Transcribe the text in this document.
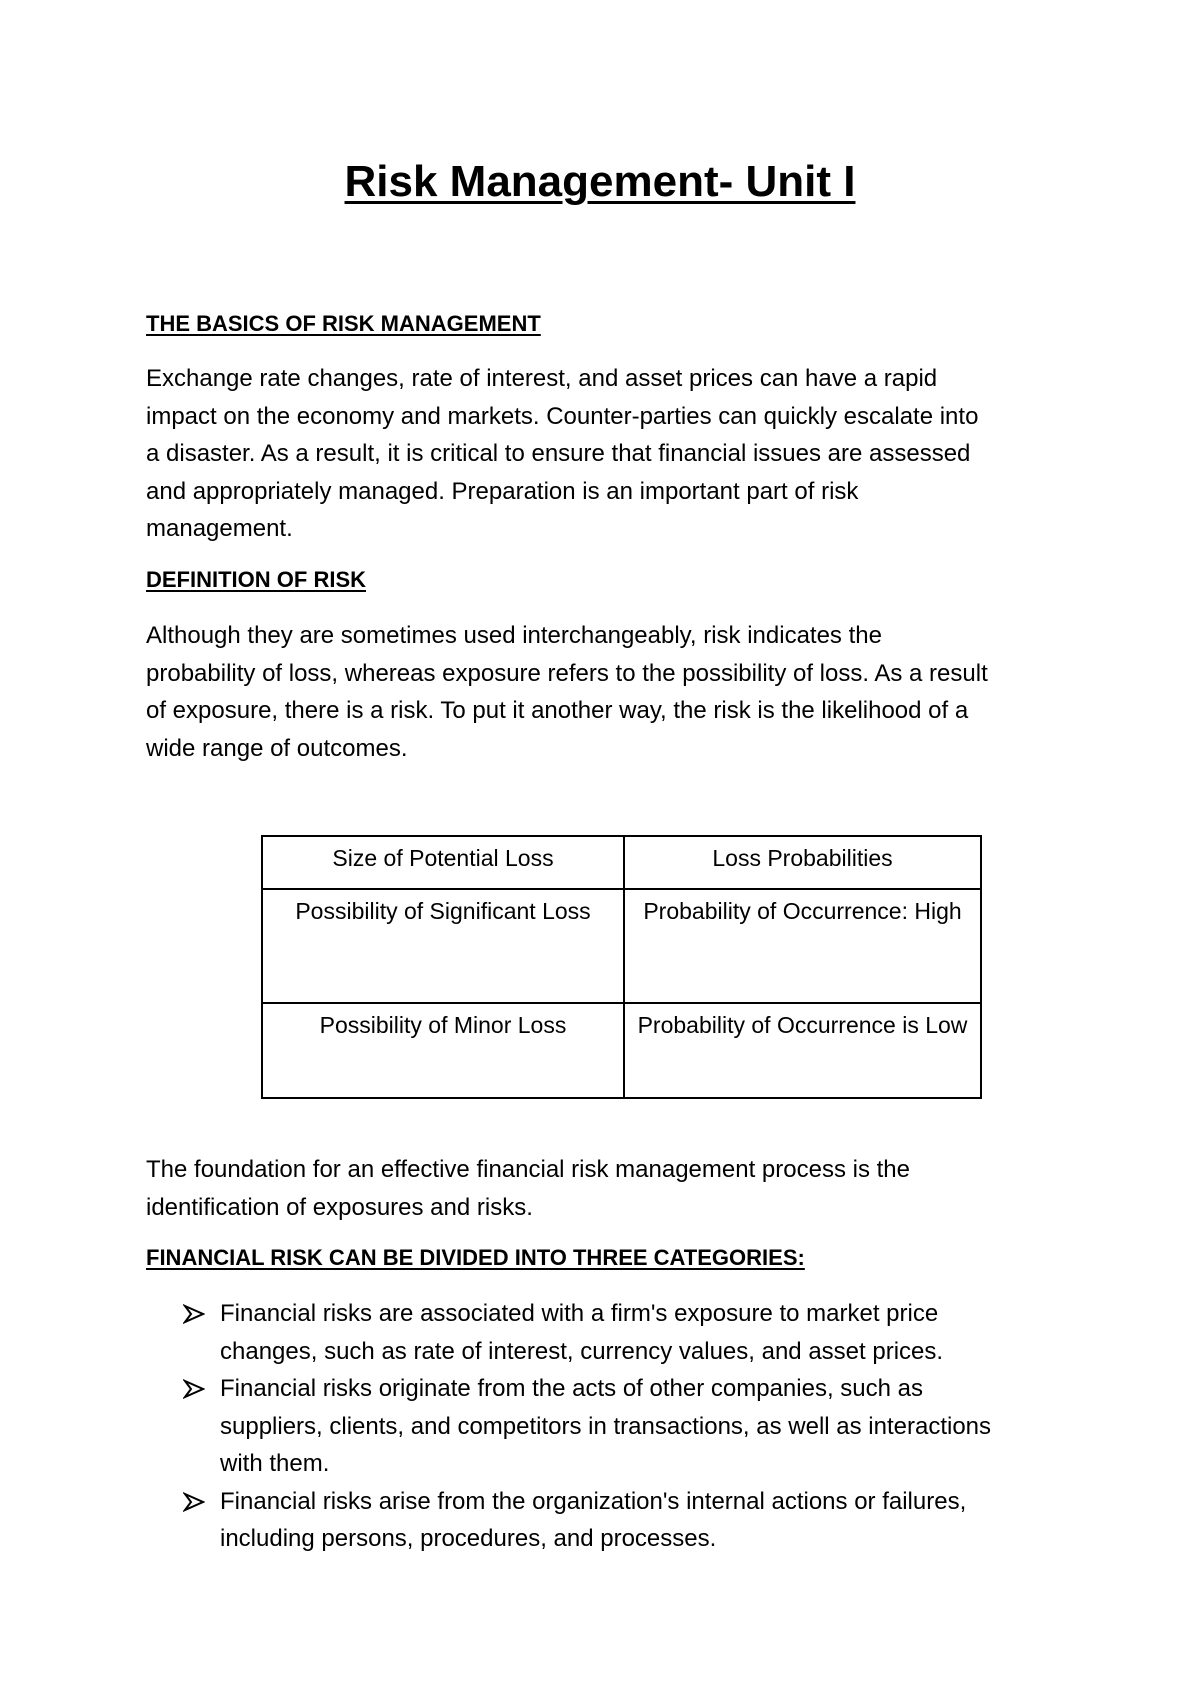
Risk Management- Unit I
THE BASICS OF RISK MANAGEMENT

Exchange rate changes, rate of interest, and asset prices can have a rapid
impact on the economy and markets. Counter-parties can quickly escalate into
a disaster. As a result, it is critical to ensure that financial issues are assessed
and appropriately managed. Preparation is an important part of risk
management.

DEFINITION OF RISK

Although they are sometimes used interchangeably, risk indicates the
probability of loss, whereas exposure refers to the possibility of loss. As a result
of exposure, there is a risk. To put it another way, the risk is the likelihood of a
wide range of outcomes.

Size of Potential Loss	Loss Probabilities
Possibility of Significant Loss	Probability of Occurrence: High
Possibility of Minor Loss	Probability of Occurrence is Low

The foundation for an effective financial risk management process is the
identification of exposures and risks.

FINANCIAL RISK CAN BE DIVIDED INTO THREE CATEGORIES:
Financial risks are associated with a firm's exposure to market price
changes, such as rate of interest, currency values, and asset prices.
Financial risks originate from the acts of other companies, such as
suppliers, clients, and competitors in transactions, as well as interactions
with them.
Financial risks arise from the organization's internal actions or failures,
including persons, procedures, and processes.
